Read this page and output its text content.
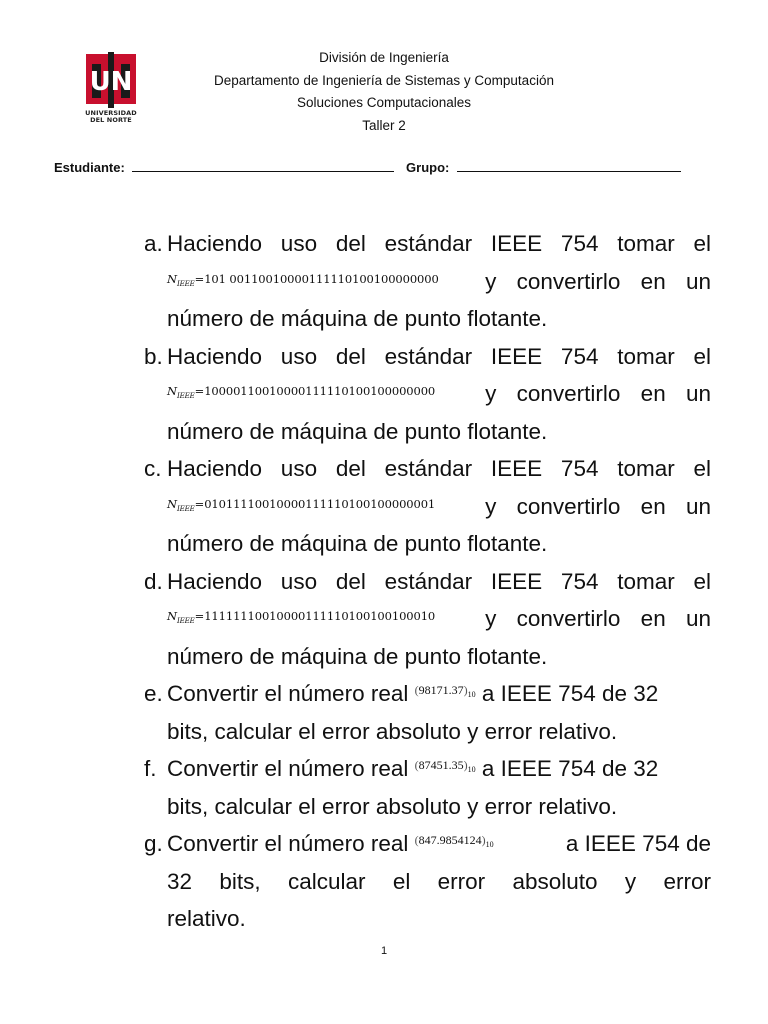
UN
UNIVERSIDAD
DEL NORTE
División de Ingeniería
Departamento de Ingeniería de Sistemas y Computación
Soluciones Computacionales
Taller 2
Estudiante:	Grupo:
a. Haciendo uso del estándar IEEE 754 tomar el
$^{N_{IEEE}=101 00110010000111110100100000000}$ y convertirlo en un
número de máquina de punto flotante.
b. Haciendo uso del estándar IEEE 754 tomar el
$^{N_{IEEE}=10000110010000111110100100000000}$ y convertirlo en un
número de máquina de punto flotante.
c. Haciendo uso del estándar IEEE 754 tomar el
$^{N_{IEEE}=01011110010000111110100100000001}$ y convertirlo en un
número de máquina de punto flotante.
d. Haciendo uso del estándar IEEE 754 tomar el
$^{N_{IEEE}=11111110010000111110100100100010}$ y convertirlo en un
número de máquina de punto flotante.
e. Convertir el número real $^{(98171.37)_{10}}$ a IEEE 754 de 32
bits, calcular el error absoluto y error relativo.
f. Convertir el número real $^{(87451.35)_{10}}$ a IEEE 754 de 32
bits, calcular el error absoluto y error relativo.
g. Convertir el número real $^{(847.9854124)_{10}}$	a IEEE 754 de
32 bits, calcular el error absoluto y error
relativo.
1
